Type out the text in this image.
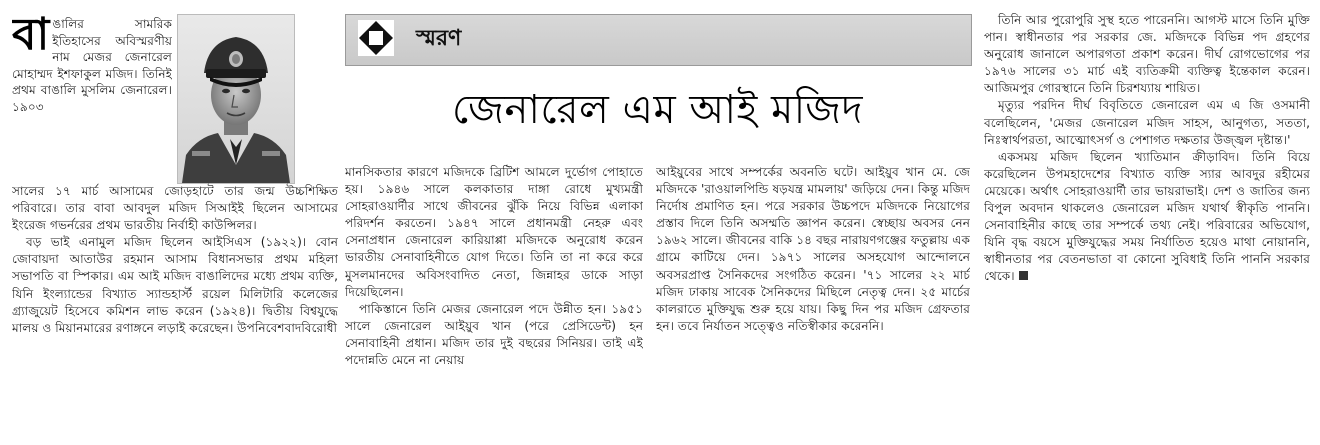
বাঙালির সামরিক ইতিহাসের অবিস্মরণীয় নাম মেজর জেনারেল মোহাম্মদ ইশফাকুল মজিদ। তিনিই প্রথম বাঙালি মুসলিম জেনারেল। ১৯০৩

সালের ১৭ মার্চ আসামের জোড়হাটে তার জন্ম উচ্চশিক্ষিত পরিবারে। তার বাবা আবদুল মজিদ সিআইই ছিলেন আসামের ইংরেজ গভর্নরের প্রথম ভারতীয় নির্বাহী কাউন্সিলর।

বড় ভাই এনামুল মজিদ ছিলেন আইসিএস (১৯২২)। বোন জোবায়দা আতাউর রহমান আসাম বিধানসভার প্রথম মহিলা সভাপতি বা স্পিকার। এম আই মজিদ বাঙালিদের মধ্যে প্রথম ব্যক্তি, যিনি ইংল্যান্ডের বিখ্যাত স্যান্ডহার্স্ট রয়েল মিলিটারি কলেজের গ্র্যাজুয়েট হিসেবে কমিশন লাভ করেন (১৯২৪)। দ্বিতীয় বিশ্বযুদ্ধে মালয় ও মিয়ানমারের রণাঙ্গনে লড়াই করেছেন। উপনিবেশবাদবিরোধী

স্মরণ
জেনারেল এম আই মজিদ

মানসিকতার কারণে মজিদকে ব্রিটিশ আমলে দুর্ভোগ পোহাতে হয়। ১৯৪৬ সালে কলকাতার দাঙ্গা রোধে মুখ্যমন্ত্রী সোহরাওয়ার্দীর সাথে জীবনের ঝুঁকি নিয়ে বিভিন্ন এলাকা পরিদর্শন করতেন। ১৯৪৭ সালে প্রধানমন্ত্রী নেহরু এবং সেনাপ্রধান জেনারেল কারিয়াপ্পা মজিদকে অনুরোধ করেন ভারতীয় সেনাবাহিনীতে যোগ দিতে। তিনি তা না করে করে মুসলমানদের অবিসংবাদিত নেতা, জিন্নাহর ডাকে সাড়া দিয়েছিলেন।

পাকিস্তানে তিনি মেজর জেনারেল পদে উন্নীত হন। ১৯৫১ সালে জেনারেল আইয়ুব খান (পরে প্রেসিডেন্ট) হন সেনাবাহিনী প্রধান। মজিদ তার দুই বছরের সিনিয়র। তাই এই পদোন্নতি মেনে না নেয়ায়

আইয়ুবের সাথে সম্পর্কের অবনতি ঘটে। আইয়ুব খান মে. জে মজিদকে 'রাওয়ালপিন্ডি ষড়যন্ত্র মামলায়' জড়িয়ে দেন। কিন্তু মজিদ নির্দোষ প্রমাণিত হন। পরে সরকার উচ্চপদে মজিদকে নিয়োগের প্রস্তাব দিলে তিনি অসম্মতি জ্ঞাপন করেন। স্বেচ্ছায় অবসর নেন ১৯৬২ সালে। জীবনের বাকি ১৪ বছর নারায়ণগঞ্জের ফতুল্লায় এক গ্রামে কাটিয়ে দেন। ১৯৭১ সালের অসহযোগ আন্দোলনে অবসরপ্রাপ্ত সৈনিকদের সংগঠিত করেন। '৭১ সালের ২২ মার্চ মজিদ ঢাকায় সাবেক সৈনিকদের মিছিলে নেতৃত্ব দেন। ২৫ মার্চের কালরাতে মুক্তিযুদ্ধ শুরু হয়ে যায়। কিছু দিন পর মজিদ গ্রেফতার হন। তবে নির্যাতন সত্ত্বেও নতিস্বীকার করেননি।

তিনি আর পুরোপুরি সুস্থ হতে পারেননি। আগস্ট মাসে তিনি মুক্তি পান। স্বাধীনতার পর সরকার জে. মজিদকে বিভিন্ন পদ গ্রহণের অনুরোধ জানালে অপারগতা প্রকাশ করেন। দীর্ঘ রোগভোগের পর ১৯৭৬ সালের ৩১ মার্চ এই ব্যতিক্রমী ব্যক্তিত্ব ইন্তেকাল করেন। আজিমপুর গোরস্থানে তিনি চিরশয্যায় শায়িত।

মৃত্যুর পরদিন দীর্ঘ বিবৃতিতে জেনারেল এম এ জি ওসমানী বলেছিলেন, 'মেজর জেনারেল মজিদ সাহস, আনুগত্য, সততা, নিঃস্বার্থপরতা, আত্মোৎসর্গ ও পেশাগত দক্ষতার উজ্জ্বল দৃষ্টান্ত।'

একসময় মজিদ ছিলেন খ্যাতিমান ক্রীড়াবিদ। তিনি বিয়ে করেছিলেন উপমহাদেশের বিখ্যাত ব্যক্তি স্যার আবদুর রহীমের মেয়েকে। অর্থাৎ সোহরাওয়ার্দী তার ভায়রাভাই। দেশ ও জাতির জন্য বিপুল অবদান থাকলেও জেনারেল মজিদ যথার্থ স্বীকৃতি পাননি। সেনাবাহিনীর কাছে তার সম্পর্কে তথ্য নেই। পরিবারের অভিযোগ, যিনি বৃদ্ধ বয়সে মুক্তিযুদ্ধের সময় নির্যাতিত হয়েও মাথা নোয়াননি, স্বাধীনতার পর বেতনভাতা বা কোনো সুবিধাই তিনি পাননি সরকার থেকে।
